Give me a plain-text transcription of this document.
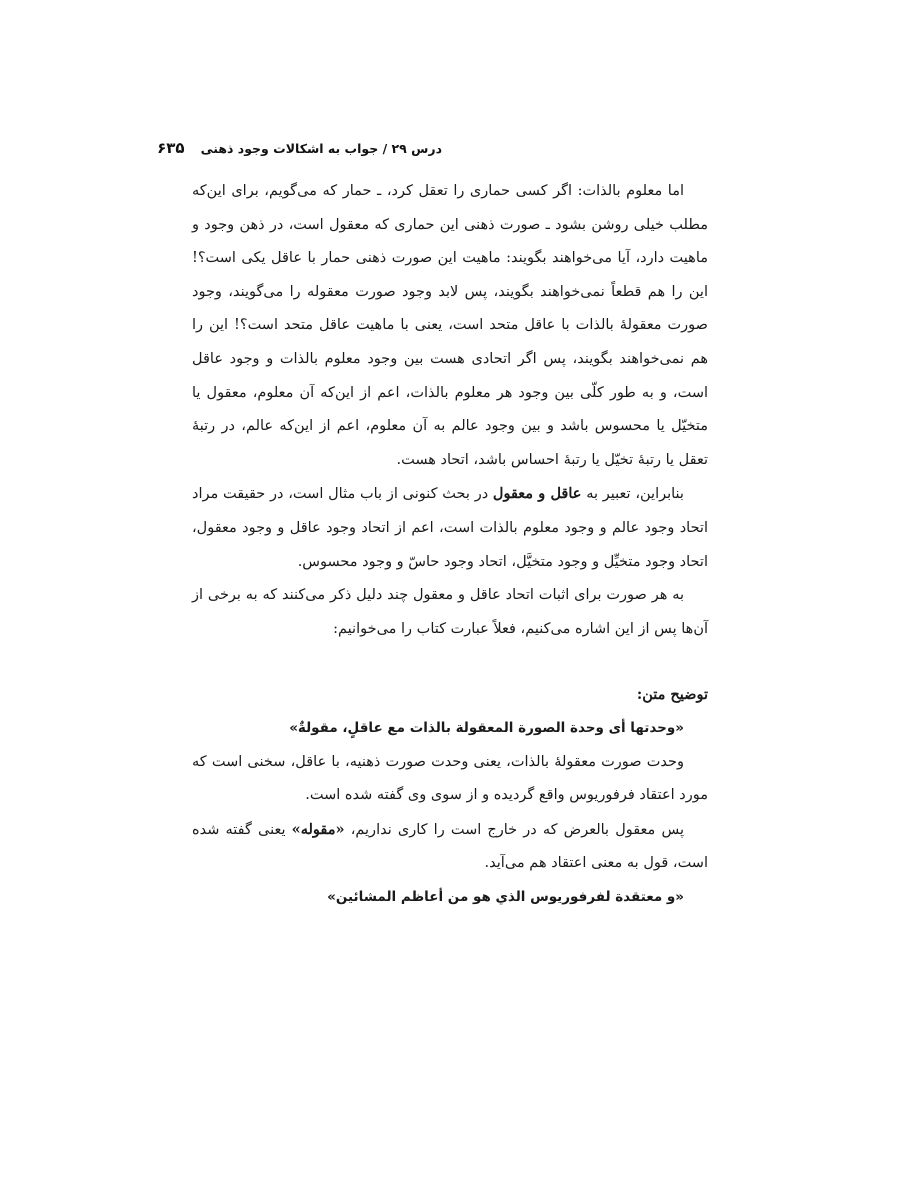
درس ۲۹ / جواب به اشکالات وجود ذهنی
۶۳۵

اما معلوم بالذات: اگر کسی حماری را تعقل کرد، ـ حمار که می‌گویم، برای این‌که مطلب خیلی روشن بشود ـ صورت ذهنی این حماری که معقول است، در ذهن وجود و ماهیت دارد، آیا می‌خواهند بگویند: ماهیت این صورت ذهنی حمار با عاقل یکی است؟! این را هم قطعاً نمی‌خواهند بگویند، پس لابد وجود صورت معقوله را می‌گویند، وجود صورت معقولهٔ بالذات با عاقل متحد است، یعنی با ماهیت عاقل متحد است؟! این را هم نمی‌خواهند بگویند، پس اگر اتحادی هست بین وجود معلوم بالذات و وجود عاقل است، و به طور کلّی بین وجود هر معلوم بالذات، اعم از این‌که آن معلوم، معقول یا متخیّل یا محسوس باشد و بین وجود عالم به آن معلوم، اعم از این‌که عالم، در رتبهٔ تعقل یا رتبهٔ تخیّل یا رتبهٔ احساس باشد، اتحاد هست.

بنابراین، تعبیر به عاقل و معقول در بحث کنونی از باب مثال است، در حقیقت مراد اتحاد وجود عالم و وجود معلوم بالذات است، اعم از اتحاد وجود عاقل و وجود معقول، اتحاد وجود متخیِّل و وجود متخیَّل، اتحاد وجود حاسّ و وجود محسوس.

به هر صورت برای اثبات اتحاد عاقل و معقول چند دلیل ذکر می‌کنند که به برخی از آن‌ها پس از این اشاره می‌کنیم، فعلاً عبارت کتاب را می‌خوانیم:

توضیح متن:

«وحدتها أى وحدة الصورة المعقولة بالذات مع عاقلٍ، مقولةٌ»

وحدت صورت معقولهٔ بالذات، یعنی وحدت صورت ذهنیه، با عاقل، سخنی است که مورد اعتقاد فرفوریوس واقع گردیده و از سوی وی گفته شده است.

پس معقول بالعرض که در خارج است را کاری نداریم، «مقوله» یعنی گفته شده است، قول به معنی اعتقاد هم می‌آید.

«و معتقدة لفرفوريوس الذي هو من أعاظم المشائين»
